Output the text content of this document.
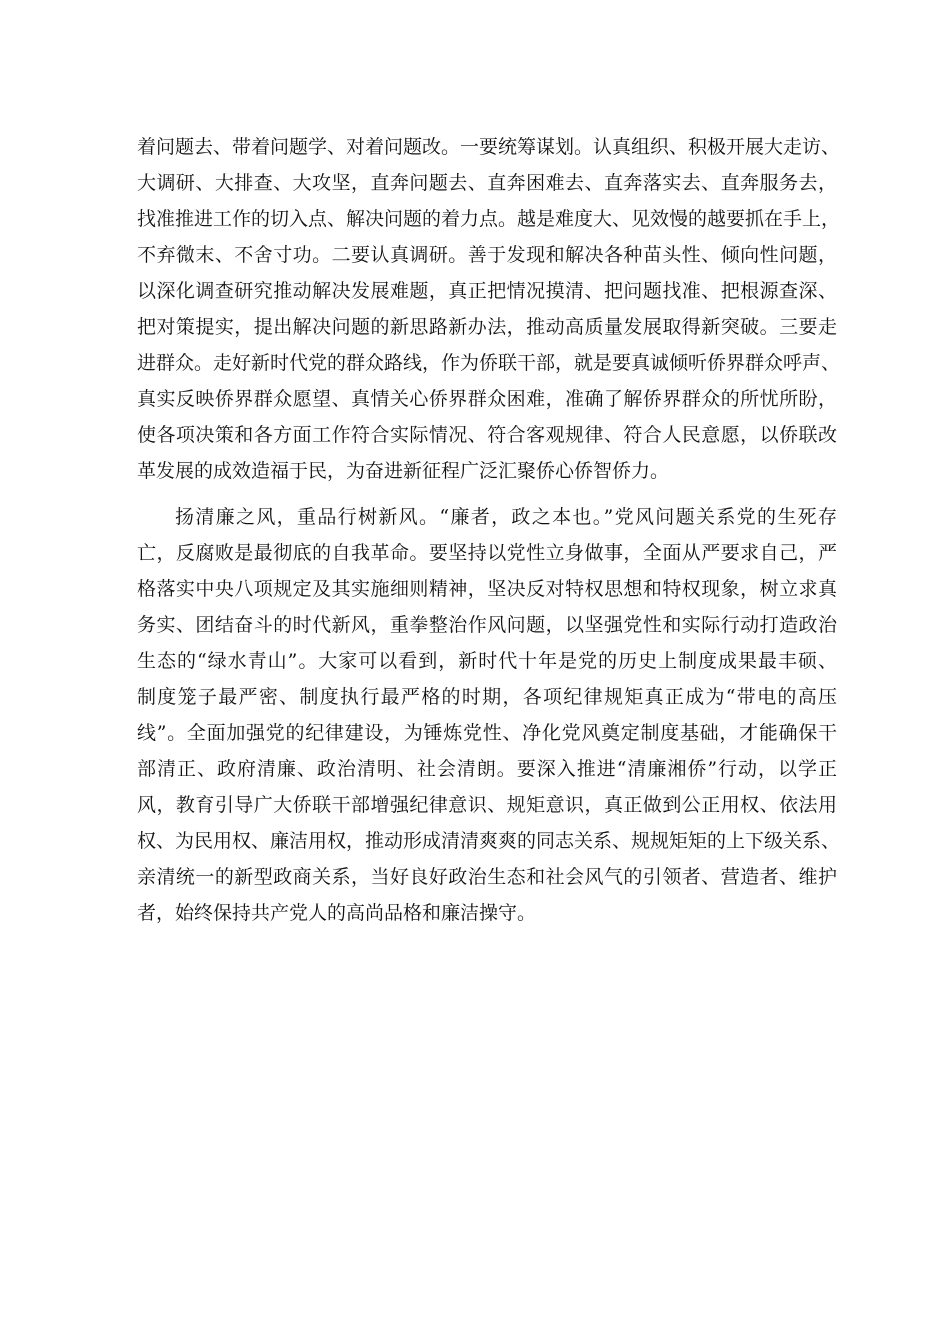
着问题去、带着问题学、对着问题改。一要统筹谋划。认真组织、积极开展大走访、
大调研、大排查、大攻坚，直奔问题去、直奔困难去、直奔落实去、直奔服务去，
找准推进工作的切入点、解决问题的着力点。越是难度大、见效慢的越要抓在手上，
不弃微末、不舍寸功。二要认真调研。善于发现和解决各种苗头性、倾向性问题，
以深化调查研究推动解决发展难题，真正把情况摸清、把问题找准、把根源查深、
把对策提实，提出解决问题的新思路新办法，推动高质量发展取得新突破。三要走
进群众。走好新时代党的群众路线，作为侨联干部，就是要真诚倾听侨界群众呼声、
真实反映侨界群众愿望、真情关心侨界群众困难，准确了解侨界群众的所忧所盼，
使各项决策和各方面工作符合实际情况、符合客观规律、符合人民意愿，以侨联改
革发展的成效造福于民，为奋进新征程广泛汇聚侨心侨智侨力。
扬清廉之风，重品行树新风。“廉者，政之本也。”党风问题关系党的生死存
亡，反腐败是最彻底的自我革命。要坚持以党性立身做事，全面从严要求自己，严
格落实中央八项规定及其实施细则精神，坚决反对特权思想和特权现象，树立求真
务实、团结奋斗的时代新风，重拳整治作风问题，以坚强党性和实际行动打造政治
生态的“绿水青山”。大家可以看到，新时代十年是党的历史上制度成果最丰硕、
制度笼子最严密、制度执行最严格的时期，各项纪律规矩真正成为“带电的高压
线”。全面加强党的纪律建设，为锤炼党性、净化党风奠定制度基础，才能确保干
部清正、政府清廉、政治清明、社会清朗。要深入推进“清廉湘侨”行动，以学正
风，教育引导广大侨联干部增强纪律意识、规矩意识，真正做到公正用权、依法用
权、为民用权、廉洁用权，推动形成清清爽爽的同志关系、规规矩矩的上下级关系、
亲清统一的新型政商关系，当好良好政治生态和社会风气的引领者、营造者、维护
者，始终保持共产党人的高尚品格和廉洁操守。
